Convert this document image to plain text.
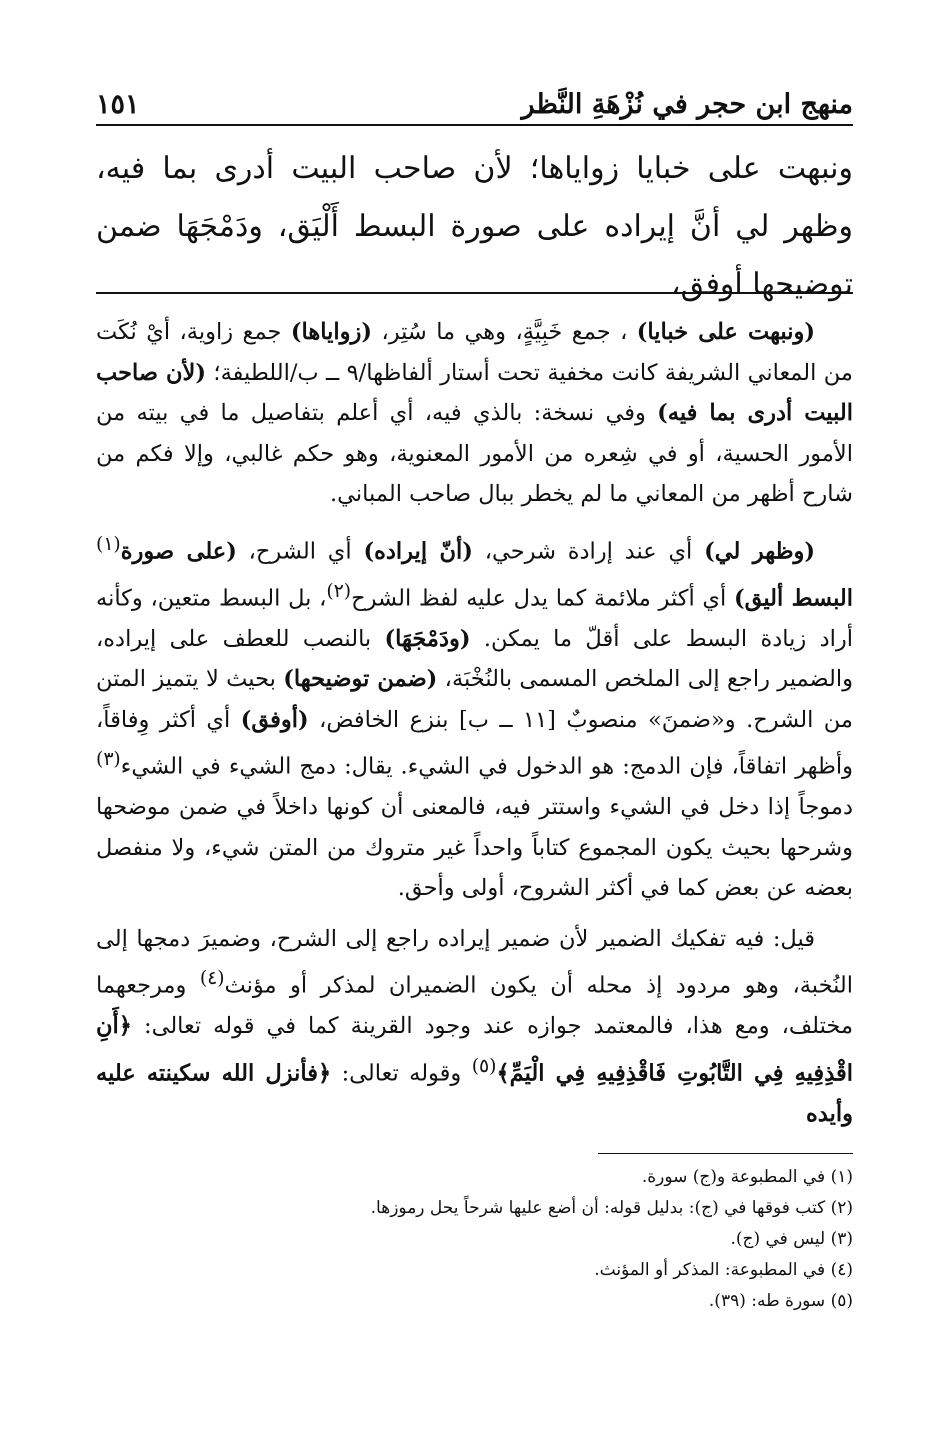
منهج ابن حجر في نُزْهَةِ النَّظر
١٥١
ونبهت على خبايا زواياها؛ لأن صاحب البيت أدرى بما فيه، وظهر لي أنَّ إيراده على صورة البسط أَلْيَق، ودَمْجَهَا ضمن توضيحها أوفق،

(ونبهت على خبايا) ، جمع خَبِيَّةٍ، وهي ما سُتِر، (زواياها) جمع زاوية، أيْ نُكَت من المعاني الشريفة كانت مخفية تحت أستار ألفاظها/٩ ــ ب/اللطيفة؛ (لأن صاحب البيت أدرى بما فيه) وفي نسخة: بالذي فيه، أي أعلم بتفاصيل ما في بيته من الأمور الحسية، أو في شِعره من الأمور المعنوية، وهو حكم غالبي، وإلا فكم من شارح أظهر من المعاني ما لم يخطر ببال صاحب المباني.

(وظهر لي) أي عند إرادة شرحي، (أنّ إيراده) أي الشرح، (على صورة$^{(١)}$ البسط أليق) أي أكثر ملائمة كما يدل عليه لفظ الشرح$^{(٢)}$، بل البسط متعين، وكأنه أراد زيادة البسط على أقلّ ما يمكن. (ودَمْجَهَا) بالنصب للعطف على إيراده، والضمير راجع إلى الملخص المسمى بالنُخْبَة، (ضمن توضيحها) بحيث لا يتميز المتن من الشرح. و«ضمنَ» منصوبٌ [١١ ــ ب] بنزع الخافض، (أوفق) أي أكثر وِفاقاً، وأظهر اتفاقاً، فإن الدمج: هو الدخول في الشيء. يقال: دمج الشيء في الشيء$^{(٣)}$ دموجاً إذا دخل في الشيء واستتر فيه، فالمعنى أن كونها داخلاً في ضمن موضحها وشرحها بحيث يكون المجموع كتاباً واحداً غير متروك من المتن شيء، ولا منفصل بعضه عن بعض كما في أكثر الشروح، أولى وأحق.

قيل: فيه تفكيك الضمير لأن ضمير إيراده راجع إلى الشرح، وضميرَ دمجها إلى النُخبة، وهو مردود إذ محله أن يكون الضميران لمذكر أو مؤنث$^{(٤)}$ ومرجعهما مختلف، ومع هذا، فالمعتمد جوازه عند وجود القرينة كما في قوله تعالى: ﴿أَنِ اقْذِفِيهِ فِي التَّابُوتِ فَاقْذِفِيهِ فِي الْيَمِّ﴾$^{(٥)}$ وقوله تعالى: ﴿فأنزل الله سكينته عليه وأيده

(١) في المطبوعة و(ج) سورة.
(٢) كتب فوقها في (ج): بدليل قوله: أن أضع عليها شرحاً يحل رموزها.
(٣) ليس في (ج).
(٤) في المطبوعة: المذكر أو المؤنث.
(٥) سورة طه: (٣٩).
